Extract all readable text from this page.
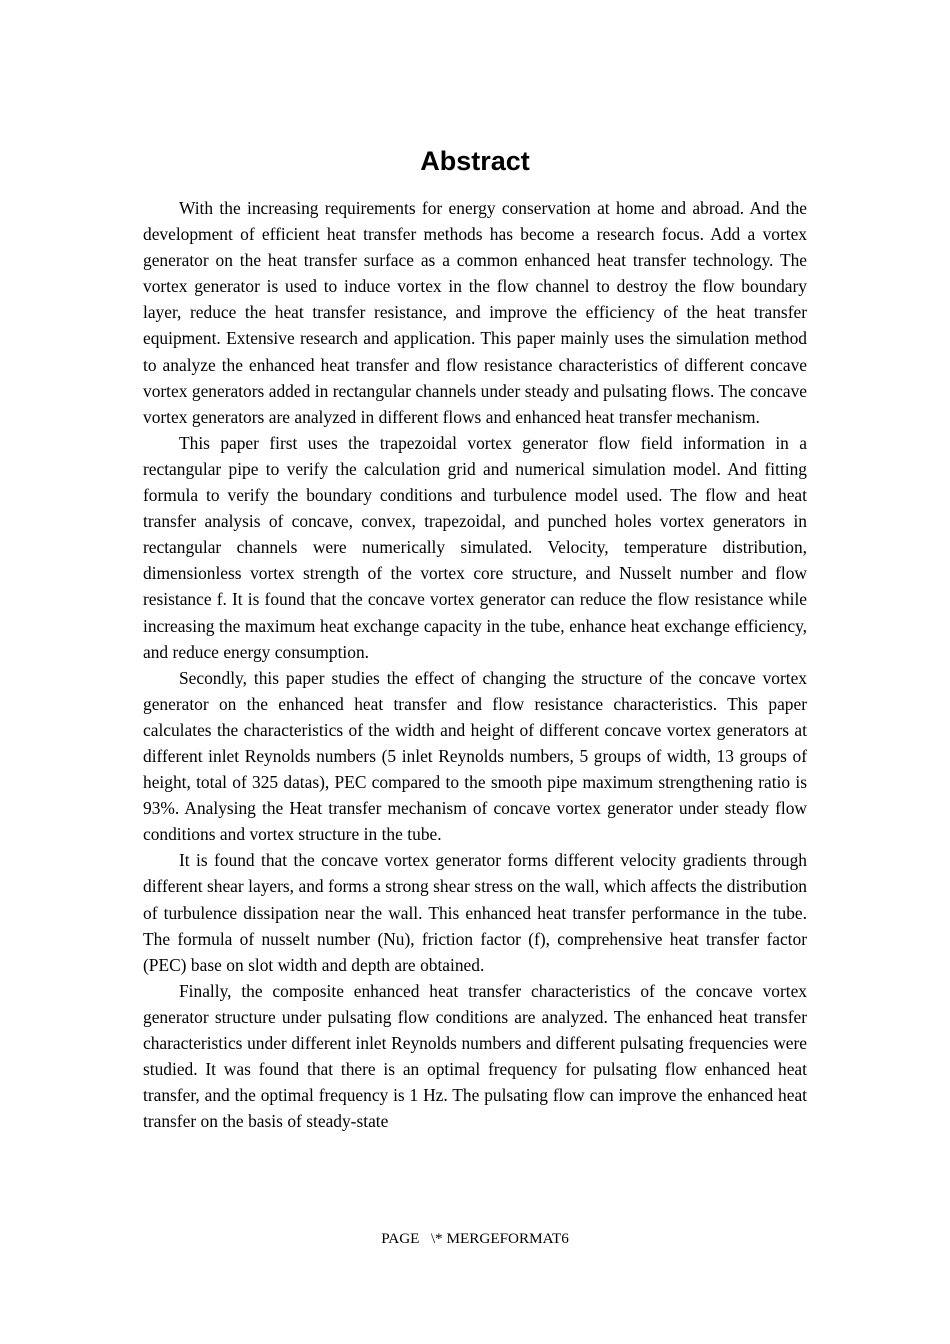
Abstract

With the increasing requirements for energy conservation at home and abroad. And the development of efficient heat transfer methods has become a research focus. Add a vortex generator on the heat transfer surface as a common enhanced heat transfer technology. The vortex generator is used to induce vortex in the flow channel to destroy the flow boundary layer, reduce the heat transfer resistance, and improve the efficiency of the heat transfer equipment. Extensive research and application. This paper mainly uses the simulation method to analyze the enhanced heat transfer and flow resistance characteristics of different concave vortex generators added in rectangular channels under steady and pulsating flows. The concave vortex generators are analyzed in different flows and enhanced heat transfer mechanism.

This paper first uses the trapezoidal vortex generator flow field information in a rectangular pipe to verify the calculation grid and numerical simulation model. And fitting formula to verify the boundary conditions and turbulence model used. The flow and heat transfer analysis of concave, convex, trapezoidal, and punched holes vortex generators in rectangular channels were numerically simulated. Velocity, temperature distribution, dimensionless vortex strength of the vortex core structure, and Nusselt number and flow resistance f. It is found that the concave vortex generator can reduce the flow resistance while increasing the maximum heat exchange capacity in the tube, enhance heat exchange efficiency, and reduce energy consumption.

Secondly, this paper studies the effect of changing the structure of the concave vortex generator on the enhanced heat transfer and flow resistance characteristics. This paper calculates the characteristics of the width and height of different concave vortex generators at different inlet Reynolds numbers (5 inlet Reynolds numbers, 5 groups of width, 13 groups of height, total of 325 datas), PEC compared to the smooth pipe maximum strengthening ratio is 93%. Analysing the Heat transfer mechanism of concave vortex generator under steady flow conditions and vortex structure in the tube.

It is found that the concave vortex generator forms different velocity gradients through different shear layers, and forms a strong shear stress on the wall, which affects the distribution of turbulence dissipation near the wall. This enhanced heat transfer performance in the tube. The formula of nusselt number (Nu), friction factor (f), comprehensive heat transfer factor (PEC) base on slot width and depth are obtained.

Finally, the composite enhanced heat transfer characteristics of the concave vortex generator structure under pulsating flow conditions are analyzed. The enhanced heat transfer characteristics under different inlet Reynolds numbers and different pulsating frequencies were studied. It was found that there is an optimal frequency for pulsating flow enhanced heat transfer, and the optimal frequency is 1 Hz. The pulsating flow can improve the enhanced heat transfer on the basis of steady-state

PAGE   \* MERGEFORMAT6
